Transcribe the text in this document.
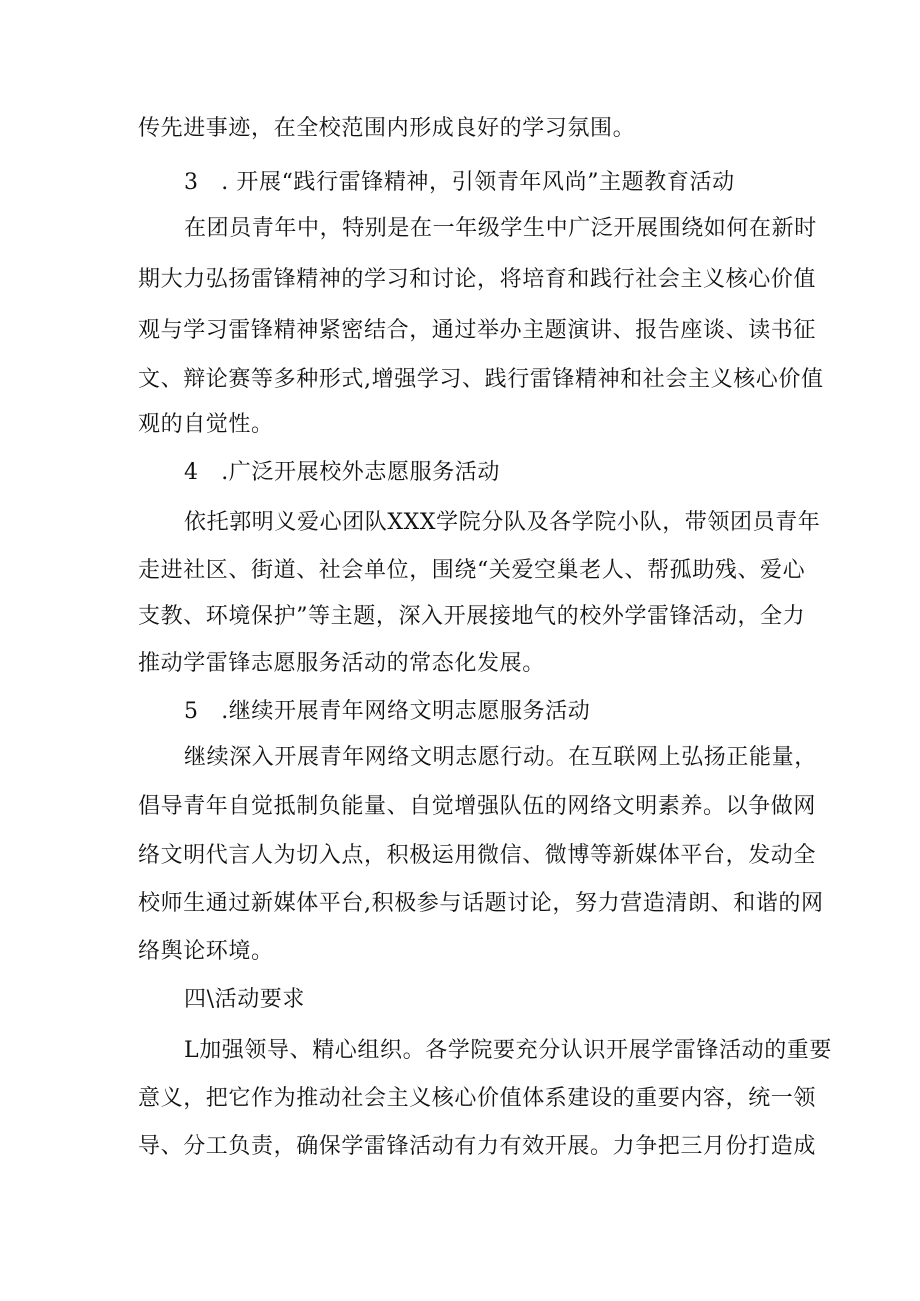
传先进事迹，在全校范围内形成良好的学习氛围。
3　. 开展“践行雷锋精神，引领青年风尚”主题教育活动
在团员青年中，特别是在一年级学生中广泛开展围绕如何在新时
期大力弘扬雷锋精神的学习和讨论，将培育和践行社会主义核心价值
观与学习雷锋精神紧密结合，通过举办主题演讲、报告座谈、读书征
文、辩论赛等多种形式,增强学习、践行雷锋精神和社会主义核心价值
观的自觉性。
4　.广泛开展校外志愿服务活动
依托郭明义爱心团队XXX学院分队及各学院小队，带领团员青年
走进社区、街道、社会单位，围绕“关爱空巢老人、帮孤助残、爱心
支教、环境保护”等主题，深入开展接地气的校外学雷锋活动，全力
推动学雷锋志愿服务活动的常态化发展。
5　.继续开展青年网络文明志愿服务活动
继续深入开展青年网络文明志愿行动。在互联网上弘扬正能量，
倡导青年自觉抵制负能量、自觉增强队伍的网络文明素养。以争做网
络文明代言人为切入点，积极运用微信、微博等新媒体平台，发动全
校师生通过新媒体平台,积极参与话题讨论，努力营造清朗、和谐的网
络舆论环境。
四\活动要求
L加强领导、精心组织。各学院要充分认识开展学雷锋活动的重要
意义，把它作为推动社会主义核心价值体系建设的重要内容，统一领
导、分工负责，确保学雷锋活动有力有效开展。力争把三月份打造成
